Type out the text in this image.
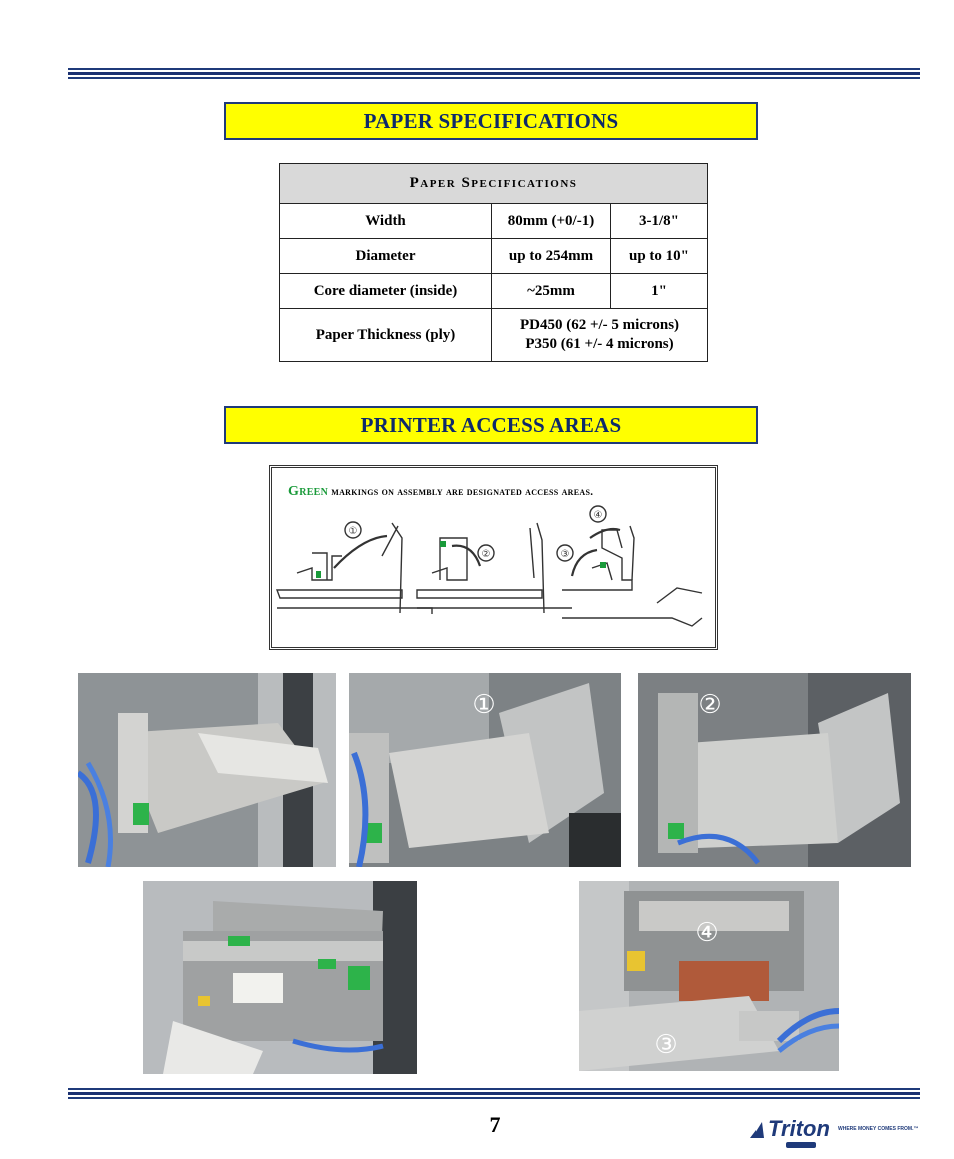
PAPER SPECIFICATIONS
Paper Specifications		
Width	80mm (+0/-1)	3-1/8"
Diameter	up to 254mm	up to 10"
Core diameter (inside)	~25mm	1"
Paper Thickness (ply)	PD450 (62 +/- 5 microns)
P350 (61 +/- 4 microns)	
PRINTER ACCESS AREAS
Green markings on assembly are designated access areas.
①
②	③
④
①	②
④
③
7	Triton WHERE MONEY COMES FROM.™
